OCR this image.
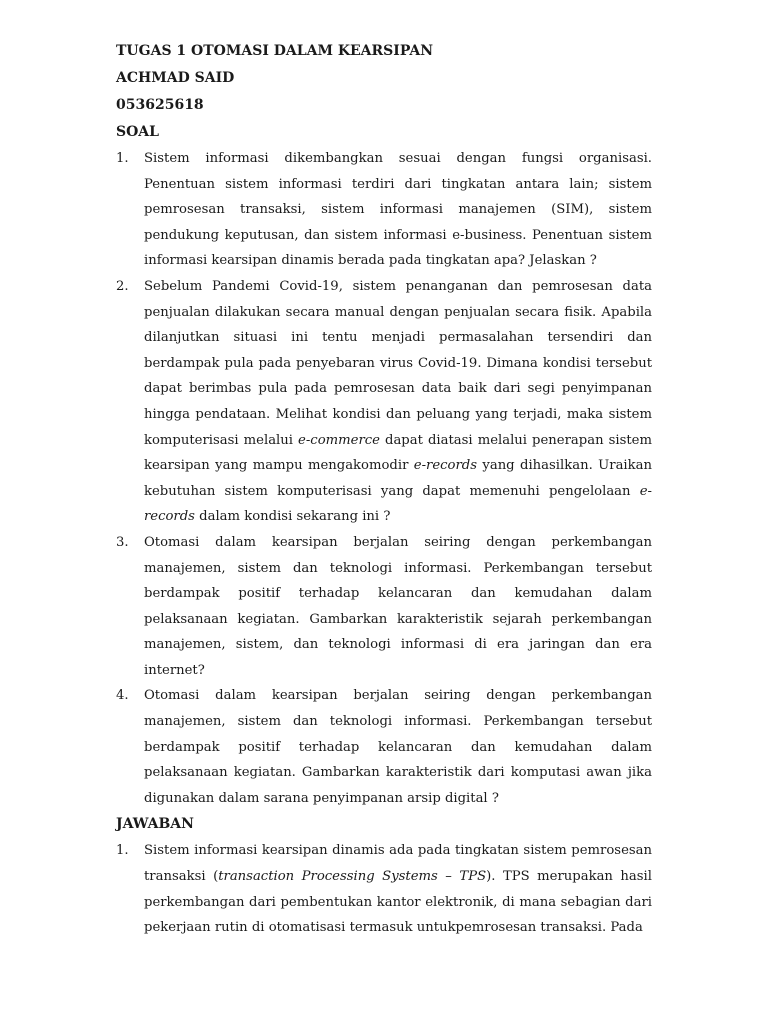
TUGAS 1 OTOMASI DALAM KEARSIPAN

ACHMAD SAID

053625618

SOAL

1. Sistem informasi dikembangkan sesuai dengan fungsi organisasi. Penentuan sistem informasi terdiri dari tingkatan antara lain; sistem pemrosesan transaksi, sistem informasi manajemen (SIM), sistem pendukung keputusan, dan sistem informasi e-business. Penentuan sistem informasi kearsipan dinamis berada pada tingkatan apa? Jelaskan ?
2. Sebelum Pandemi Covid-19, sistem penanganan dan pemrosesan data penjualan dilakukan secara manual dengan penjualan secara fisik. Apabila dilanjutkan situasi ini tentu menjadi permasalahan tersendiri dan berdampak pula pada penyebaran virus Covid-19. Dimana kondisi tersebut dapat berimbas pula pada pemrosesan data baik dari segi penyimpanan hingga pendataan. Melihat kondisi dan peluang yang terjadi, maka sistem komputerisasi melalui e-commerce dapat diatasi melalui penerapan sistem kearsipan yang mampu mengakomodir e-records yang dihasilkan. Uraikan kebutuhan sistem komputerisasi yang dapat memenuhi pengelolaan e-records dalam kondisi sekarang ini ?
3. Otomasi dalam kearsipan berjalan seiring dengan perkembangan manajemen, sistem dan teknologi informasi. Perkembangan tersebut berdampak positif terhadap kelancaran dan kemudahan dalam pelaksanaan kegiatan. Gambarkan karakteristik sejarah perkembangan manajemen, sistem, dan teknologi informasi di era jaringan dan era internet?
4. Otomasi dalam kearsipan berjalan seiring dengan perkembangan manajemen, sistem dan teknologi informasi. Perkembangan tersebut berdampak positif terhadap kelancaran dan kemudahan dalam pelaksanaan kegiatan. Gambarkan karakteristik dari komputasi awan jika digunakan dalam sarana penyimpanan arsip digital ?

JAWABAN

1. Sistem informasi kearsipan dinamis ada pada tingkatan sistem pemrosesan transaksi (transaction Processing Systems – TPS). TPS merupakan hasil perkembangan dari pembentukan kantor elektronik, di mana sebagian dari pekerjaan rutin di otomatisasi termasuk untukpemrosesan transaksi. Pada
